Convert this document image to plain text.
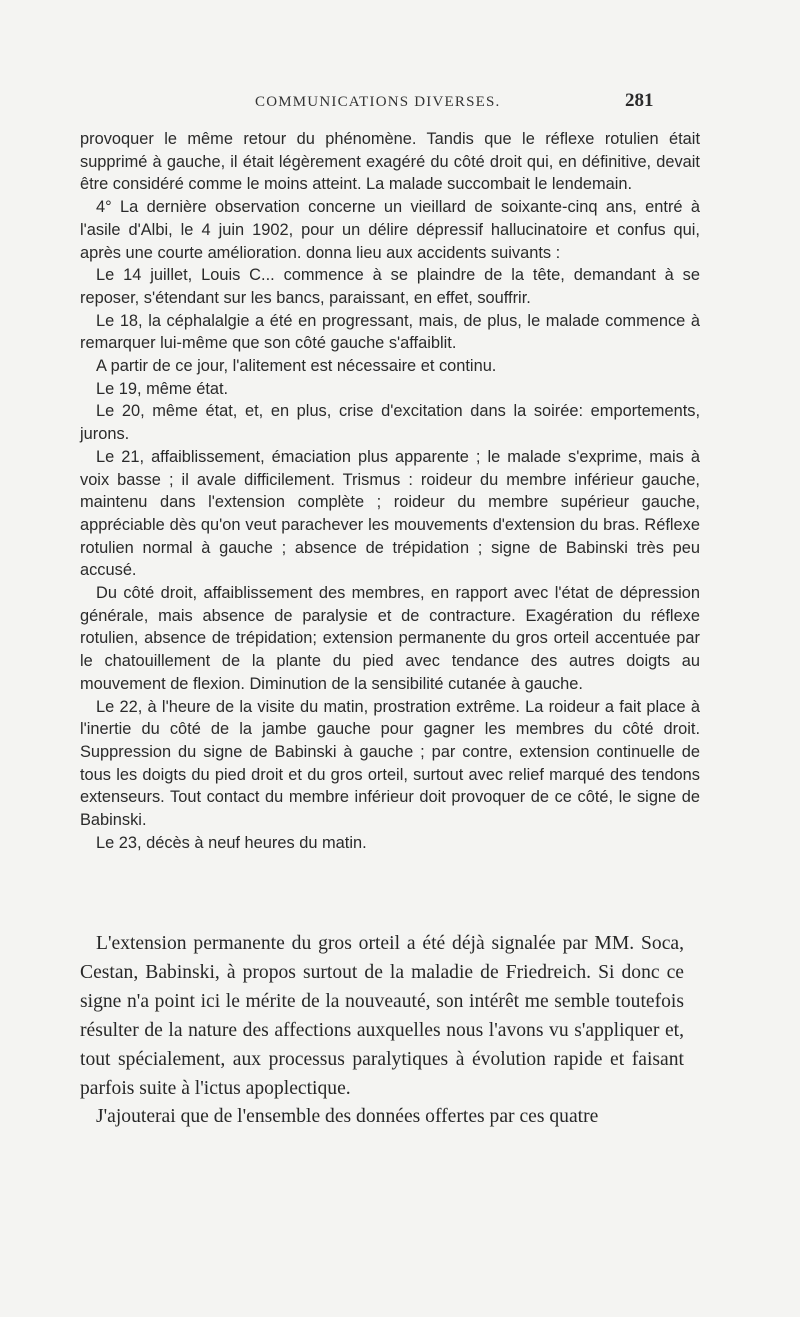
COMMUNICATIONS DIVERSES.	281

provoquer le même retour du phénomène. Tandis que le réflexe rotulien était supprimé à gauche, il était légèrement exagéré du côté droit qui, en définitive, devait être considéré comme le moins atteint. La malade succombait le lendemain.

4° La dernière observation concerne un vieillard de soixante-cinq ans, entré à l'asile d'Albi, le 4 juin 1902, pour un délire dépressif hallucinatoire et confus qui, après une courte amélioration. donna lieu aux accidents suivants :

Le 14 juillet, Louis C... commence à se plaindre de la tête, demandant à se reposer, s'étendant sur les bancs, paraissant, en effet, souffrir.

Le 18, la céphalalgie a été en progressant, mais, de plus, le malade commence à remarquer lui-même que son côté gauche s'affaiblit.

A partir de ce jour, l'alitement est nécessaire et continu.

Le 19, même état.

Le 20, même état, et, en plus, crise d'excitation dans la soirée: emportements, jurons.

Le 21, affaiblissement, émaciation plus apparente ; le malade s'exprime, mais à voix basse ; il avale difficilement. Trismus : roideur du membre inférieur gauche, maintenu dans l'extension complète ; roideur du membre supérieur gauche, appréciable dès qu'on veut parachever les mouvements d'extension du bras. Réflexe rotulien normal à gauche ; absence de trépidation ; signe de Babinski très peu accusé.

Du côté droit, affaiblissement des membres, en rapport avec l'état de dépression générale, mais absence de paralysie et de contracture. Exagération du réflexe rotulien, absence de trépidation; extension permanente du gros orteil accentuée par le chatouillement de la plante du pied avec tendance des autres doigts au mouvement de flexion. Diminution de la sensibilité cutanée à gauche.

Le 22, à l'heure de la visite du matin, prostration extrême. La roideur a fait place à l'inertie du côté de la jambe gauche pour gagner les membres du côté droit. Suppression du signe de Babinski à gauche ; par contre, extension continuelle de tous les doigts du pied droit et du gros orteil, surtout avec relief marqué des tendons extenseurs. Tout contact du membre inférieur doit provoquer de ce côté, le signe de Babinski.

Le 23, décès à neuf heures du matin.

L'extension permanente du gros orteil a été déjà signalée par MM. Soca, Cestan, Babinski, à propos surtout de la maladie de Friedreich. Si donc ce signe n'a point ici le mérite de la nouveauté, son intérêt me semble toutefois résulter de la nature des affections auxquelles nous l'avons vu s'appliquer et, tout spécialement, aux processus paralytiques à évolution rapide et faisant parfois suite à l'ictus apoplectique.

J'ajouterai que de l'ensemble des données offertes par ces quatre
